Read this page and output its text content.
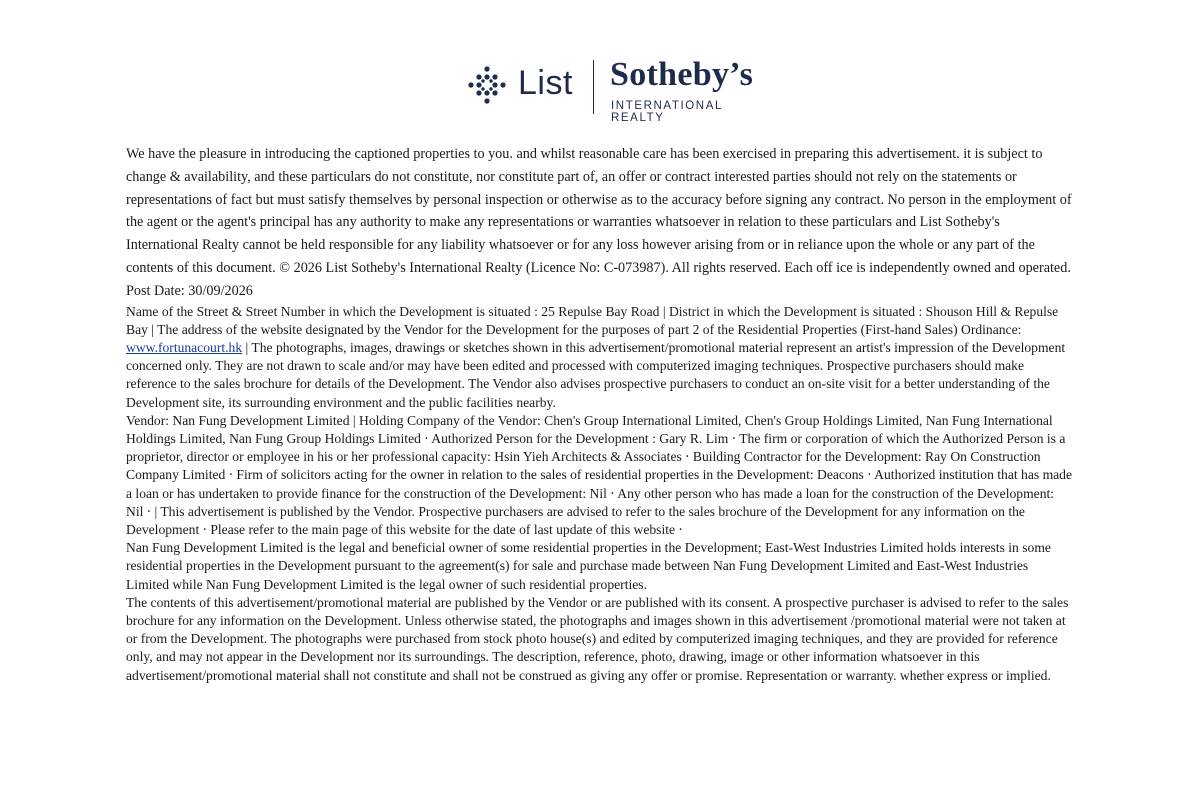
List Sotheby’s
INTERNATIONAL REALTY

We have the pleasure in introducing the captioned properties to you. and whilst reasonable care has been exercised in preparing this advertisement. it is subject to change & availability, and these particulars do not constitute, nor constitute part of, an offer or contract interested parties should not rely on the statements or representations of fact but must satisfy themselves by personal inspection or otherwise as to the accuracy before signing any contract. No person in the employment of the agent or the agent's principal has any authority to make any representations or warranties whatsoever in relation to these particulars and List Sotheby's International Realty cannot be held responsible for any liability whatsoever or for any loss however arising from or in reliance upon the whole or any part of the contents of this document. © 2026 List Sotheby's International Realty (Licence No: C-073987). All rights reserved. Each off ice is independently owned and operated. Post Date: 30/09/2026

Name of the Street & Street Number in which the Development is situated : 25 Repulse Bay Road | District in which the Development is situated : Shouson Hill & Repulse Bay | The address of the website designated by the Vendor for the Development for the purposes of part 2 of the Residential Properties (First-hand Sales) Ordinance: www.fortunacourt.hk | The photographs, images, drawings or sketches shown in this advertisement/promotional material represent an artist's impression of the Development concerned only. They are not drawn to scale and/or may have been edited and processed with computerized imaging techniques. Prospective purchasers should make reference to the sales brochure for details of the Development. The Vendor also advises prospective purchasers to conduct an on-site visit for a better understanding of the Development site, its surrounding environment and the public facilities nearby.

Vendor: Nan Fung Development Limited | Holding Company of the Vendor: Chen's Group International Limited, Chen's Group Holdings Limited, Nan Fung International Holdings Limited, Nan Fung Group Holdings Limited ‧ Authorized Person for the Development : Gary R. Lim ‧ The firm or corporation of which the Authorized Person is a proprietor, director or employee in his or her professional capacity: Hsin Yieh Architects & Associates ‧ Building Contractor for the Development: Ray On Construction Company Limited ‧ Firm of solicitors acting for the owner in relation to the sales of residential properties in the Development: Deacons ‧ Authorized institution that has made a loan or has undertaken to provide finance for the construction of the Development: Nil ‧ Any other person who has made a loan for the construction of the Development: Nil ‧ | This advertisement is published by the Vendor. Prospective purchasers are advised to refer to the sales brochure of the Development for any information on the Development ‧ Please refer to the main page of this website for the date of last update of this website ‧

Nan Fung Development Limited is the legal and beneficial owner of some residential properties in the Development; East-West Industries Limited holds interests in some residential properties in the Development pursuant to the agreement(s) for sale and purchase made between Nan Fung Development Limited and East-West Industries Limited while Nan Fung Development Limited is the legal owner of such residential properties.

The contents of this advertisement/promotional material are published by the Vendor or are published with its consent. A prospective purchaser is advised to refer to the sales brochure for any information on the Development. Unless otherwise stated, the photographs and images shown in this advertisement /promotional material were not taken at or from the Development. The photographs were purchased from stock photo house(s) and edited by computerized imaging techniques, and they are provided for reference only, and may not appear in the Development nor its surroundings. The description, reference, photo, drawing, image or other information whatsoever in this advertisement/promotional material shall not constitute and shall not be construed as giving any offer or promise. Representation or warranty. whether express or implied.
